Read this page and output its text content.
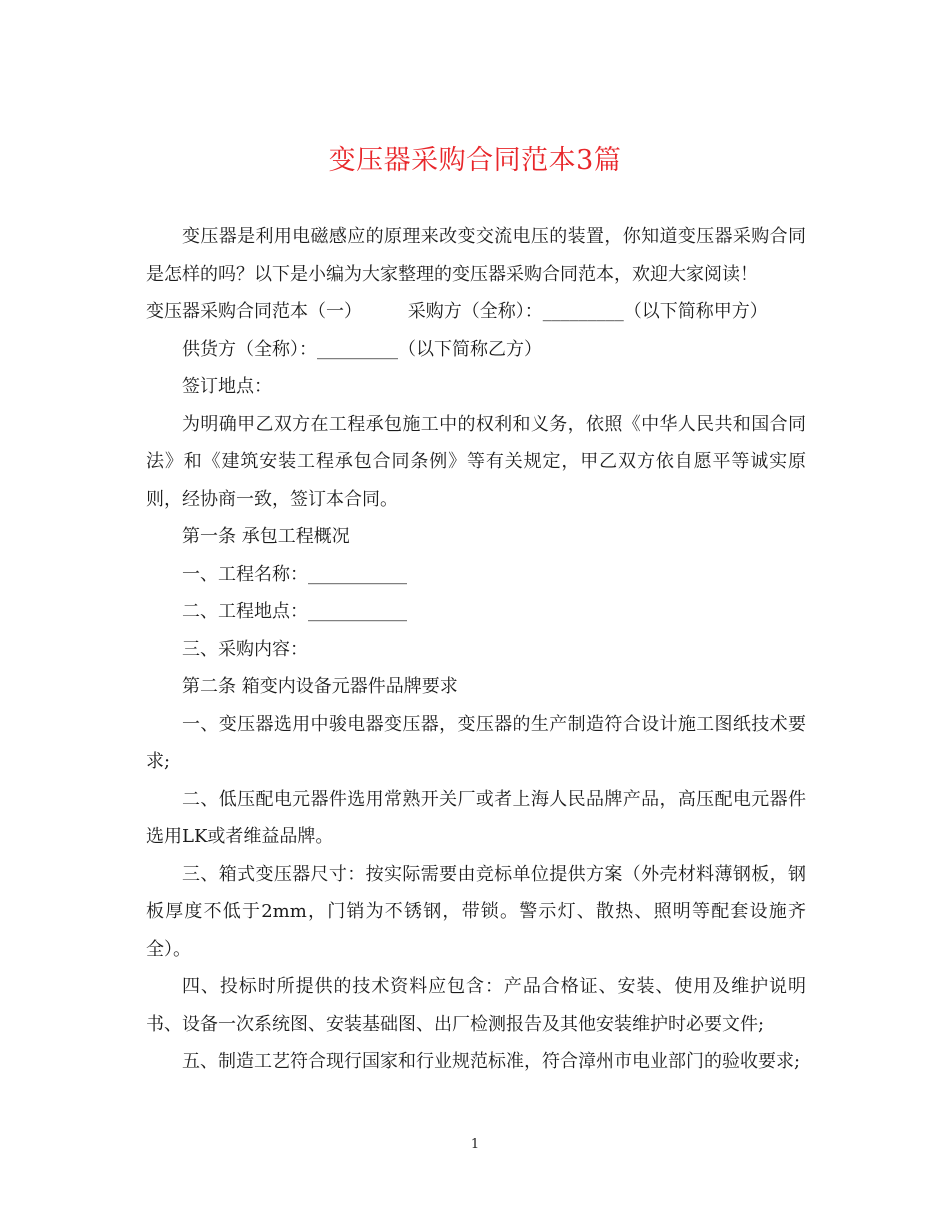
变压器采购合同范本3篇

变压器是利用电磁感应的原理来改变交流电压的装置，你知道变压器采购合同是怎样的吗？以下是小编为大家整理的变压器采购合同范本，欢迎大家阅读！

变压器采购合同范本（一）        采购方（全称）：_________（以下简称甲方）

供货方（全称）：_________（以下简称乙方）

签订地点：

为明确甲乙双方在工程承包施工中的权利和义务，依照《中华人民共和国合同法》和《建筑安装工程承包合同条例》等有关规定，甲乙双方依自愿平等诚实原则，经协商一致，签订本合同。

第一条 承包工程概况

一、工程名称：___________

二、工程地点：___________

三、采购内容：

第二条 箱变内设备元器件品牌要求

一、变压器选用中骏电器变压器，变压器的生产制造符合设计施工图纸技术要求;

二、低压配电元器件选用常熟开关厂或者上海人民品牌产品，高压配电元器件选用LK或者维益品牌。

三、箱式变压器尺寸：按实际需要由竞标单位提供方案（外壳材料薄钢板，钢板厚度不低于2mm，门销为不锈钢，带锁。警示灯、散热、照明等配套设施齐全）。

四、投标时所提供的技术资料应包含：产品合格证、安装、使用及维护说明书、设备一次系统图、安装基础图、出厂检测报告及其他安装维护时必要文件;

五、制造工艺符合现行国家和行业规范标准，符合漳州市电业部门的验收要求;

1
